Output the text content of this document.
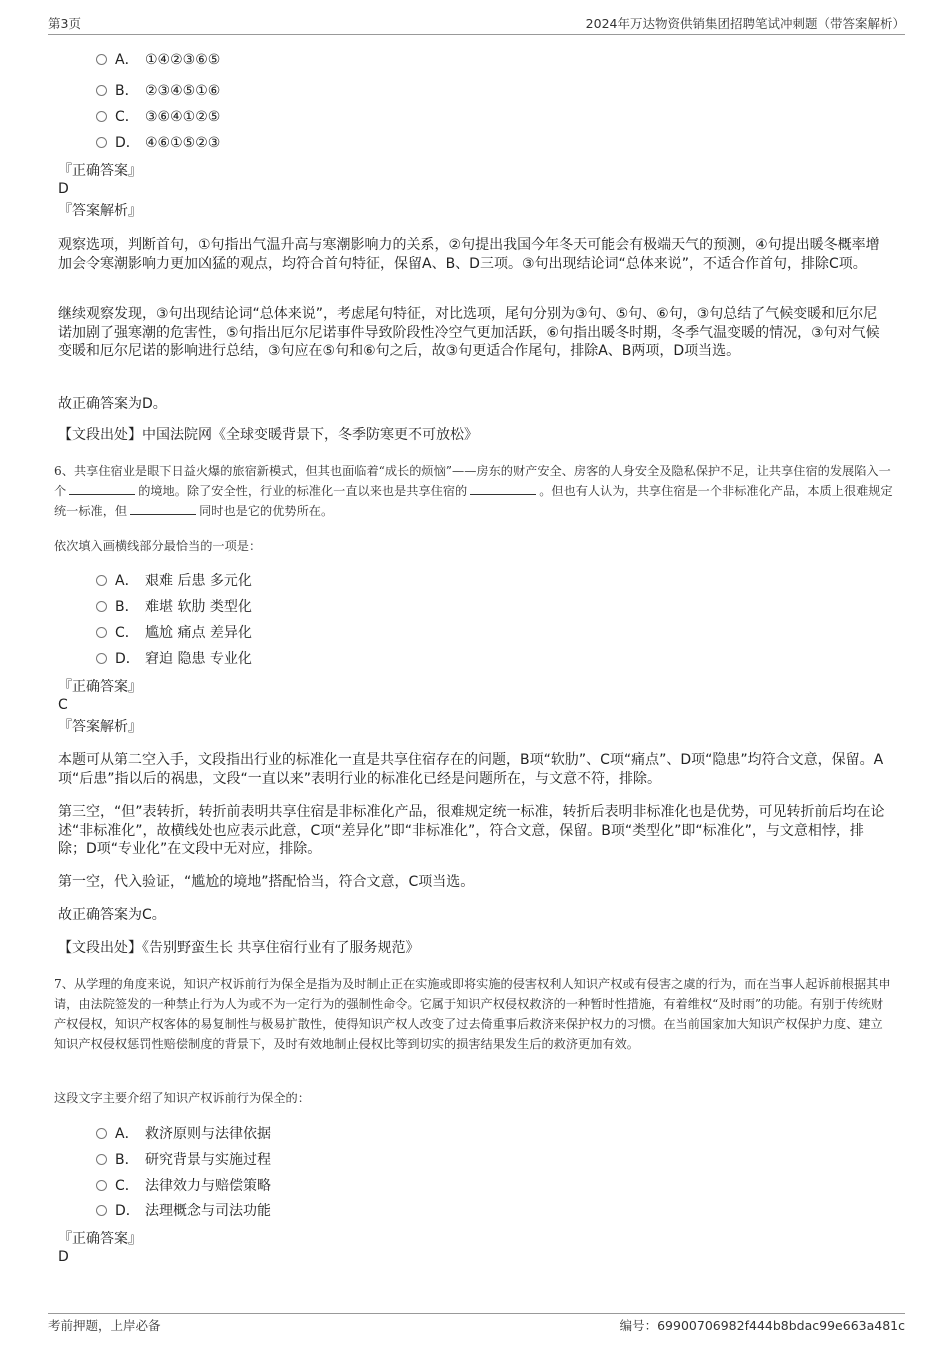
第3页	2024年万达物资供销集团招聘笔试冲刺题（带答案解析）
A． ①④②③⑥⑤
B． ②③④⑤①⑥
C． ③⑥④①②⑤
D． ④⑥①⑤②③
『正确答案』
D
『答案解析』
观察选项，判断首句，①句指出气温升高与寒潮影响力的关系，②句提出我国今年冬天可能会有极端天气的预测，④句提出暖冬概率增加会令寒潮影响力更加凶猛的观点，均符合首句特征，保留A、B、D三项。③句出现结论词“总体来说”，不适合作首句，排除C项。
继续观察发现，③句出现结论词“总体来说”，考虑尾句特征，对比选项，尾句分别为③句、⑤句、⑥句，③句总结了气候变暖和厄尔尼诺加剧了强寒潮的危害性，⑤句指出厄尔尼诺事件导致阶段性冷空气更加活跃，⑥句指出暖冬时期，冬季气温变暖的情况，③句对气候变暖和厄尔尼诺的影响进行总结，③句应在⑤句和⑥句之后，故③句更适合作尾句，排除A、B两项，D项当选。
故正确答案为D。
【文段出处】中国法院网《全球变暖背景下，冬季防寒更不可放松》
6、共享住宿业是眼下日益火爆的旅宿新模式，但其也面临着“成长的烦恼”——房东的财产安全、房客的人身安全及隐私保护不足，让共享住宿的发展陷入一个	的境地。除了安全性，行业的标准化一直以来也是共享住宿的	。但也有人认为，共享住宿是一个非标准化产品，本质上很难规定统一标准，但	同时也是它的优势所在。
依次填入画横线部分最恰当的一项是：
A． 艰难 后患 多元化
B． 难堪 软肋 类型化
C． 尴尬 痛点 差异化
D． 窘迫 隐患 专业化
『正确答案』
C
『答案解析』
本题可从第二空入手，文段指出行业的标准化一直是共享住宿存在的问题，B项“软肋”、C项“痛点”、D项“隐患”均符合文意，保留。A项“后患”指以后的祸患，文段“一直以来”表明行业的标准化已经是问题所在，与文意不符，排除。
第三空，“但”表转折，转折前表明共享住宿是非标准化产品，很难规定统一标准，转折后表明非标准化也是优势，可见转折前后均在论述“非标准化”，故横线处也应表示此意，C项“差异化”即“非标准化”，符合文意，保留。B项“类型化”即“标准化”，与文意相悖，排除；D项“专业化”在文段中无对应，排除。
第一空，代入验证，“尴尬的境地”搭配恰当，符合文意，C项当选。
故正确答案为C。
【文段出处】《告别野蛮生长 共享住宿行业有了服务规范》
7、从学理的角度来说，知识产权诉前行为保全是指为及时制止正在实施或即将实施的侵害权利人知识产权或有侵害之虞的行为，而在当事人起诉前根据其申请，由法院签发的一种禁止行为人为或不为一定行为的强制性命令。它属于知识产权侵权救济的一种暂时性措施，有着维权“及时雨”的功能。有别于传统财产权侵权，知识产权客体的易复制性与极易扩散性，使得知识产权人改变了过去倚重事后救济来保护权力的习惯。在当前国家加大知识产权保护力度、建立知识产权侵权惩罚性赔偿制度的背景下，及时有效地制止侵权比等到切实的损害结果发生后的救济更加有效。
这段文字主要介绍了知识产权诉前行为保全的：
A． 救济原则与法律依据
B． 研究背景与实施过程
C． 法律效力与赔偿策略
D． 法理概念与司法功能
『正确答案』
D
考前押题，上岸必备	编号：69900706982f444b8bdac99e663a481c
